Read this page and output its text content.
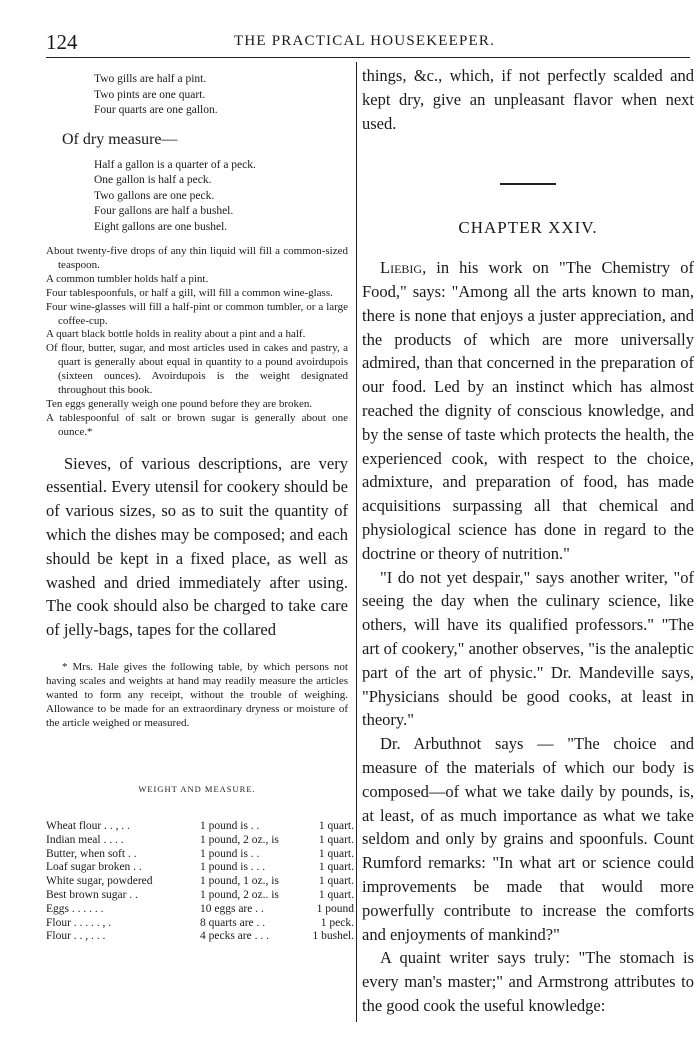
124	THE PRACTICAL HOUSEKEEPER.
Two gills are half a pint.
Two pints are one quart.
Four quarts are one gallon.
Of dry measure—
Half a gallon is a quarter of a peck.
One gallon is half a peck.
Two gallons are one peck.
Four gallons are half a bushel.
Eight gallons are one bushel.
About twenty-five drops of any thin liquid will fill a common-sized teaspoon.
A common tumbler holds half a pint.
Four tablespoonfuls, or half a gill, will fill a common wine-glass.
Four wine-glasses will fill a half-pint or common tumbler, or a large coffee-cup.
A quart black bottle holds in reality about a pint and a half.
Of flour, butter, sugar, and most articles used in cakes and pastry, a quart is generally about equal in quantity to a pound avoirdupois (sixteen ounces). Avoirdupois is the weight designated throughout this book.
Ten eggs generally weigh one pound before they are broken.
A tablespoonful of salt or brown sugar is generally about one ounce.*

Sieves, of various descriptions, are very essential. Every utensil for cookery should be of various sizes, so as to suit the quantity of which the dishes may be composed; and each should be kept in a fixed place, as well as washed and dried immediately after using. The cook should also be charged to take care of jelly-bags, tapes for the collared

* Mrs. Hale gives the following table, by which persons not having scales and weights at hand may readily measure the articles wanted to form any receipt, without the trouble of weighing. Allowance to be made for an extraordinary dryness or moisture of the article weighed or measured.

WEIGHT AND MEASURE.
Wheat flour . . , . .	1 pound is . .	1 quart.
Indian meal . . . .	1 pound, 2 oz., is	1 quart.
Butter, when soft . .	1 pound is . .	1 quart.
Loaf sugar broken . .	1 pound is . . .	1 quart.
White sugar, powdered	1 pound, 1 oz., is	1 quart.
Best brown sugar . .	1 pound, 2 oz.. is	1 quart.
Eggs . . . . . .	10 eggs are . .	1 pound
Flour . . . . . , .	8 quarts are . .	1 peck.
Flour . . , . . .	4 pecks are . . .	1 bushel.

things, &c., which, if not perfectly scalded and kept dry, give an unpleasant flavor when next used.

CHAPTER XXIV.

Liebig, in his work on "The Chemistry of Food," says: "Among all the arts known to man, there is none that enjoys a juster appreciation, and the products of which are more universally admired, than that concerned in the preparation of our food. Led by an instinct which has almost reached the dignity of conscious knowledge, and by the sense of taste which protects the health, the experienced cook, with respect to the choice, admixture, and preparation of food, has made acquisitions surpassing all that chemical and physiological science has done in regard to the doctrine or theory of nutrition."

"I do not yet despair," says another writer, "of seeing the day when the culinary science, like others, will have its qualified professors." "The art of cookery," another observes, "is the analeptic part of the art of physic." Dr. Mandeville says, "Physicians should be good cooks, at least in theory."

Dr. Arbuthnot says — "The choice and measure of the materials of which our body is composed—of what we take daily by pounds, is, at least, of as much importance as what we take seldom and only by grains and spoonfuls. Count Rumford remarks: "In what art or science could improvements be made that would more powerfully contribute to increase the comforts and enjoyments of mankind?"

A quaint writer says truly: "The stomach is every man's master;" and Armstrong attributes to the good cook the useful knowledge:
